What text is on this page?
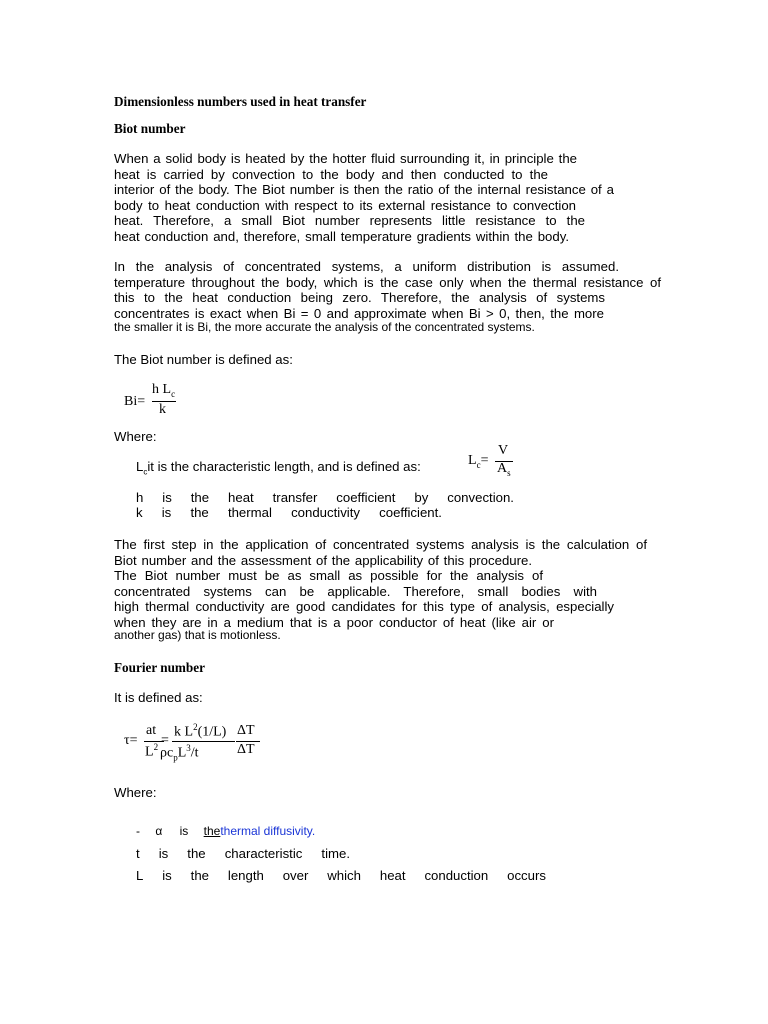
Dimensionless numbers used in heat transfer
Biot number
When a solid body is heated by the hotter fluid surrounding it, in principle the
heat is carried by convection to the body and then conducted to the
interior of the body. The Biot number is then the ratio of the internal resistance of a
body to heat conduction with respect to its external resistance to convection
heat. Therefore, a small Biot number represents little resistance to the
heat conduction and, therefore, small temperature gradients within the body.
In the analysis of concentrated systems, a uniform distribution is assumed.
temperature throughout the body, which is the case only when the thermal resistance of
this to the heat conduction being zero. Therefore, the analysis of systems
concentrates is exact when Bi = 0 and approximate when Bi > 0, then, the more
the smaller it is Bi, the more accurate the analysis of the concentrated systems.
The Biot number is defined as:
Bi=
h $L_c$
k
Where:
$L_cit$ is the characteristic length, and is defined as:	$L_c=$
V
$A_s$
h is the heat transfer coefficient by convection.
k is the thermal conductivity coefficient.
The first step in the application of concentrated systems analysis is the calculation of
Biot number and the assessment of the applicability of this procedure.
The Biot number must be as small as possible for the analysis of
concentrated systems can be applicable. Therefore, small bodies with
high thermal conductivity are good candidates for this type of analysis, especially
when they are in a medium that is a poor conductor of heat (like air or
another gas) that is motionless.
Fourier number
It is defined as:
τ=
at
$L^2$ =
k $L^2(1/L)$
$\rho c_pL^3/t$
ΔT
ΔT
Where:
- α is thethermal diffusivity.
t is the characteristic time.
L is the length over which heat conduction occurs
